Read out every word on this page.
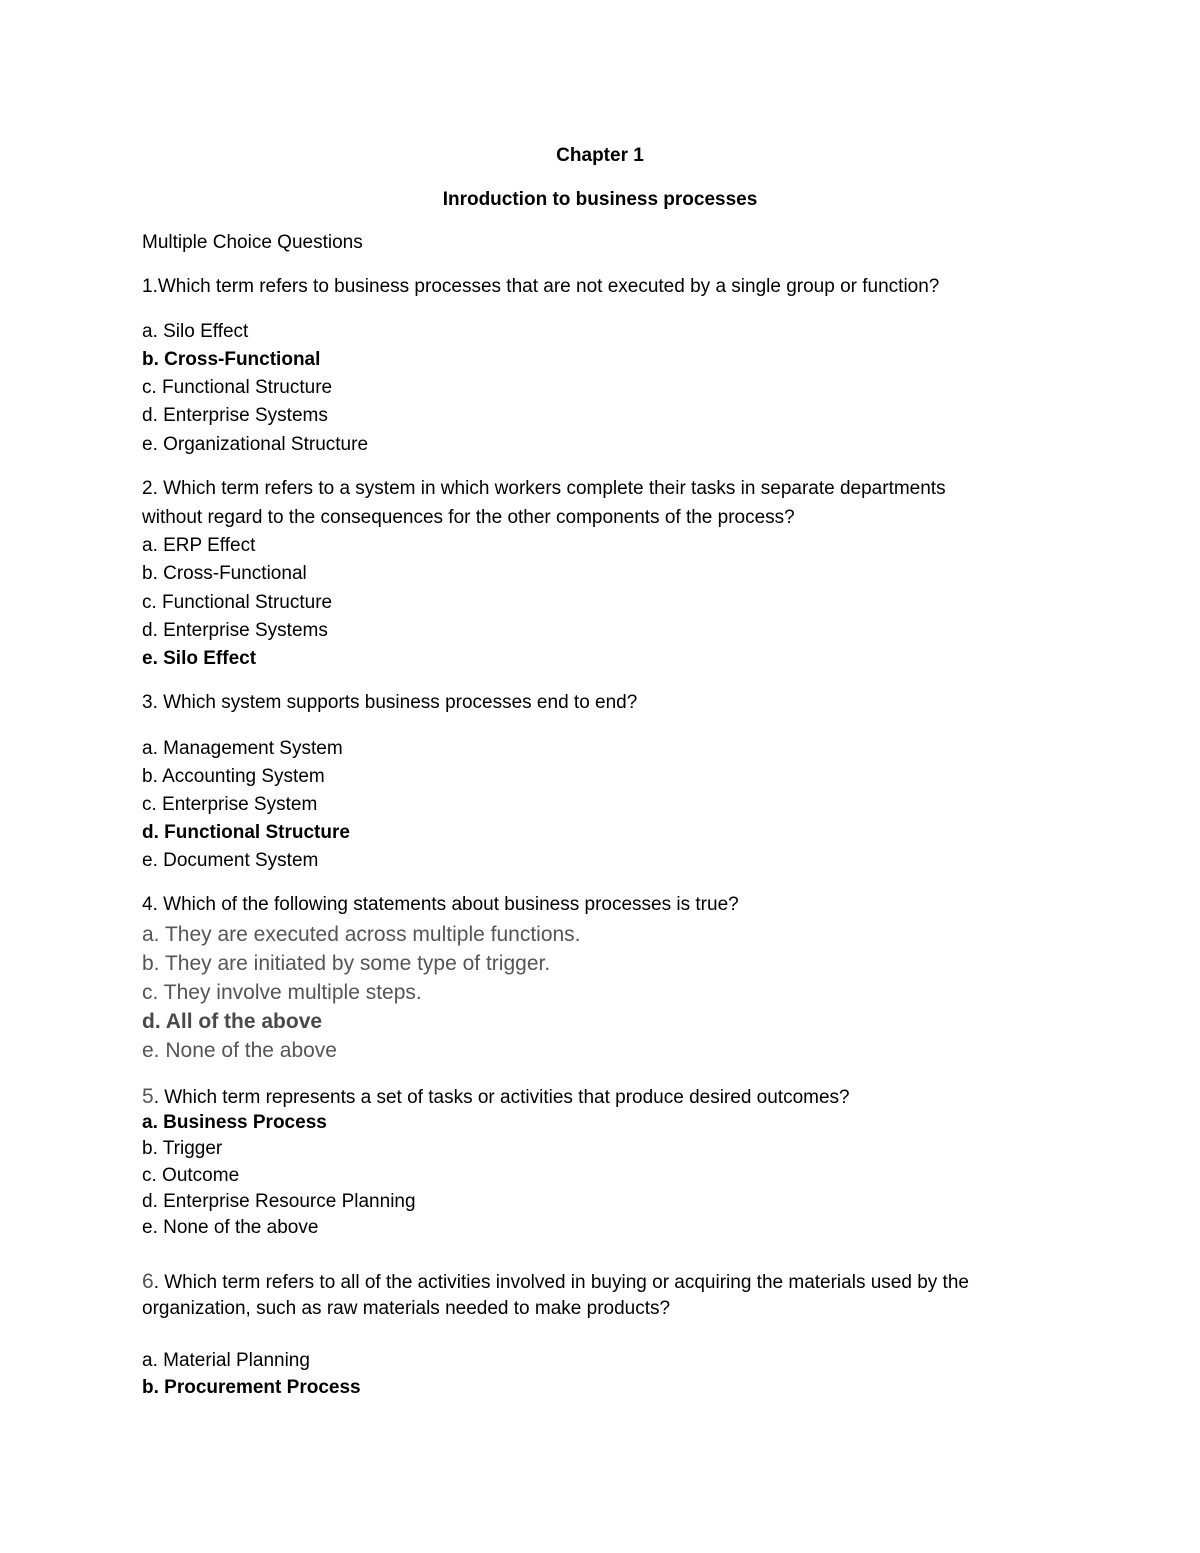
Chapter 1
Inroduction to business processes
Multiple Choice Questions
1.Which term refers to business processes that are not executed by a single group or function?
a. Silo Effect
b. Cross-Functional
c. Functional Structure
d. Enterprise Systems
e. Organizational Structure
2. Which term refers to a system in which workers complete their tasks in separate departments
without regard to the consequences for the other components of the process?
a. ERP Effect
b. Cross-Functional
c. Functional Structure
d. Enterprise Systems
e. Silo Effect
3. Which system supports business processes end to end?
a. Management System
b. Accounting System
c. Enterprise System
d. Functional Structure
e. Document System
4. Which of the following statements about business processes is true?
a. They are executed across multiple functions.
b. They are initiated by some type of trigger.
c. They involve multiple steps.
d. All of the above
e. None of the above
5. Which term represents a set of tasks or activities that produce desired outcomes?
a. Business Process
b. Trigger
c. Outcome
d. Enterprise Resource Planning
e. None of the above
6. Which term refers to all of the activities involved in buying or acquiring the materials used by the
organization, such as raw materials needed to make products?
a. Material Planning
b. Procurement Process
